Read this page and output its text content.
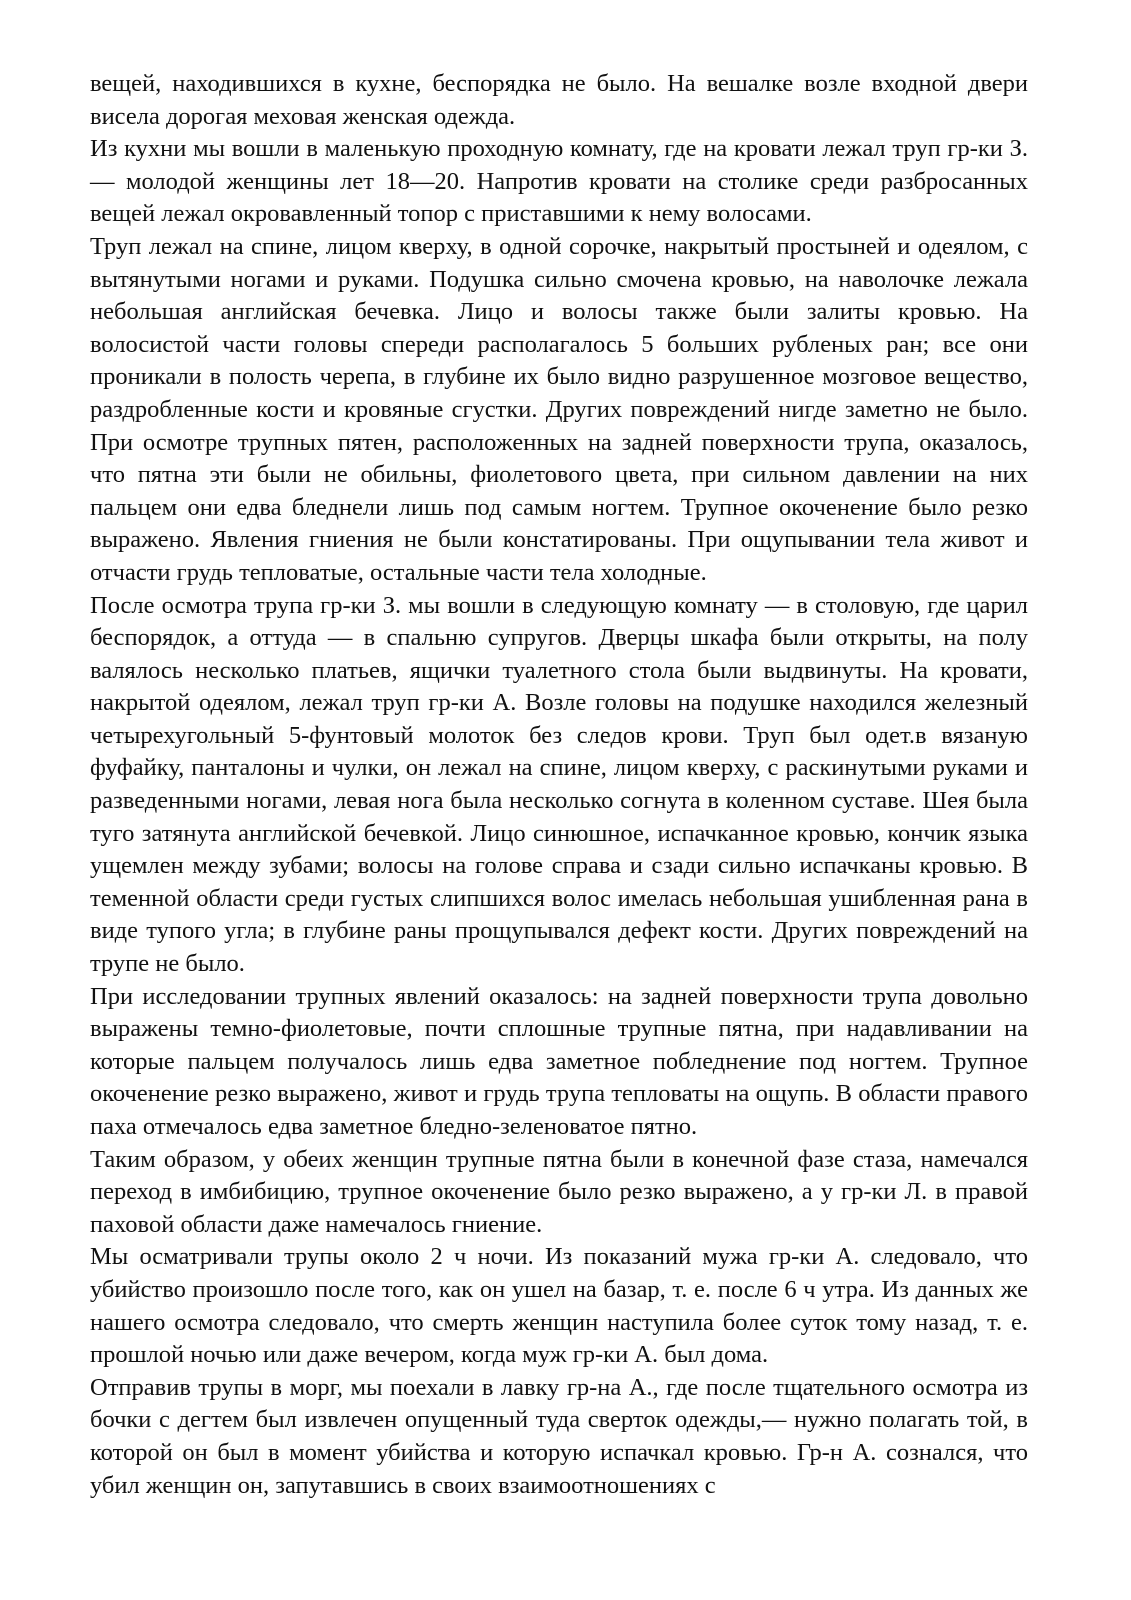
вещей, находившихся в кухне, беспорядка не было. На вешалке возле входной двери висела дорогая меховая женская одежда.

Из кухни мы вошли в маленькую проходную комнату, где на кровати лежал труп гр-ки З.— молодой женщины лет 18—20. Напротив кровати на столике среди разбросанных вещей лежал окровавленный топор с приставшими к нему волосами.

Труп лежал на спине, лицом кверху, в одной сорочке, накрытый простыней и одеялом, с вытянутыми ногами и руками. Подушка сильно смочена кровью, на наволочке лежала небольшая английская бечевка. Лицо и волосы также были залиты кровью. На волосистой части головы спереди располагалось 5 больших рубленых ран; все они проникали в полость черепа, в глубине их было видно разрушенное мозговое вещество, раздробленные кости и кровяные сгустки. Других повреждений нигде заметно не было. При осмотре трупных пятен, расположенных на задней поверхности трупа, оказалось, что пятна эти были не обильны, фиолетового цвета, при сильном давлении на них пальцем они едва бледнели лишь под самым ногтем. Трупное окоченение было резко выражено. Явления гниения не были констатированы. При ощупывании тела живот и отчасти грудь тепловатые, остальные части тела холодные.

После осмотра трупа гр-ки З. мы вошли в следующую комнату — в столовую, где царил беспорядок, а оттуда — в спальню супругов. Дверцы шкафа были открыты, на полу валялось несколько платьев, ящички туалетного стола были выдвинуты. На кровати, накрытой одеялом, лежал труп гр-ки А. Возле головы на подушке находился железный четырехугольный 5-фунтовый молоток без следов крови. Труп был одет.в вязаную фуфайку, панталоны и чулки, он лежал на спине, лицом кверху, с раскинутыми руками и разведенными ногами, левая нога была несколько согнута в коленном суставе. Шея была туго затянута английской бечевкой. Лицо синюшное, испачканное кровью, кончик языка ущемлен между зубами; волосы на голове справа и сзади сильно испачканы кровью. В теменной области среди густых слипшихся волос имелась небольшая ушибленная рана в виде тупого угла; в глубине раны прощупывался дефект кости. Других повреждений на трупе не было.

При исследовании трупных явлений оказалось: на задней поверхности трупа довольно выражены темно-фиолетовые, почти сплошные трупные пятна, при надавливании на которые пальцем получалось лишь едва заметное побледнение под ногтем. Трупное окоченение резко выражено, живот и грудь трупа тепловаты на ощупь. В области правого паха отмечалось едва заметное бледно-зеленоватое пятно.

Таким образом, у обеих женщин трупные пятна были в конечной фазе стаза, намечался переход в имбибицию, трупное окоченение было резко выражено, а у гр-ки Л. в правой паховой области даже намечалось гниение.

Мы осматривали трупы около 2 ч ночи. Из показаний мужа гр-ки А. следовало, что убийство произошло после того, как он ушел на базар, т. е. после 6 ч утра. Из данных же нашего осмотра следовало, что смерть женщин наступила более суток тому назад, т. е. прошлой ночью или даже вечером, когда муж гр-ки А. был дома.

Отправив трупы в морг, мы поехали в лавку гр-на А., где после тщательного осмотра из бочки с дегтем был извлечен опущенный туда сверток одежды,— нужно полагать той, в которой он был в момент убийства и которую испачкал кровью. Гр-н А. сознался, что убил женщин он, запутавшись в своих взаимоотношениях с
